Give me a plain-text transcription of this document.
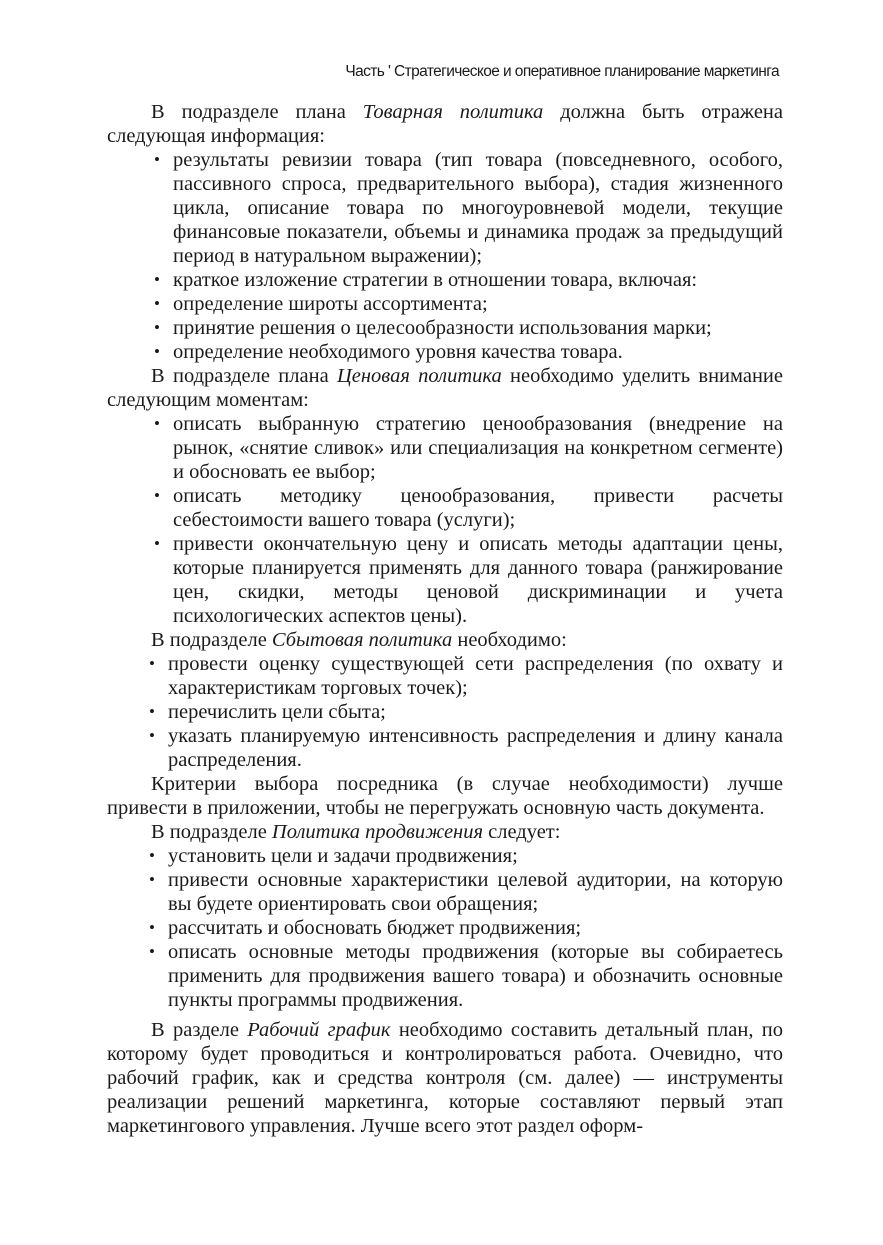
Часть ' Стратегическое и оперативное планирование маркетинга

В подразделе плана Товарная политика должна быть отражена следующая информация:

• результаты ревизии товара (тип товара (повседневного, особого, пассивного спроса, предварительного выбора), стадия жизненного цикла, описание товара по многоуровневой модели, текущие финансовые показатели, объемы и динамика продаж за предыдущий период в натуральном выражении);
• краткое изложение стратегии в отношении товара, включая:
• определение широты ассортимента;
• принятие решения о целесообразности использования марки;
• определение необходимого уровня качества товара.

В подразделе плана Ценовая политика необходимо уделить внимание следующим моментам:

• описать выбранную стратегию ценообразования (внедрение на рынок, «снятие сливок» или специализация на конкретном сегменте) и обосновать ее выбор;
• описать методику ценообразования, привести расчеты себестоимости вашего товара (услуги);
• привести окончательную цену и описать методы адаптации цены, которые планируется применять для данного товара (ранжирование цен, скидки, методы ценовой дискриминации и учета психологических аспектов цены).

В подразделе Сбытовая политика необходимо:

• провести оценку существующей сети распределения (по охвату и характеристикам торговых точек);
• перечислить цели сбыта;
• указать планируемую интенсивность распределения и длину канала распределения.

Критерии выбора посредника (в случае необходимости) лучше привести в приложении, чтобы не перегружать основную часть документа.

В подразделе Политика продвижения следует:

• установить цели и задачи продвижения;
• привести основные характеристики целевой аудитории, на которую вы будете ориентировать свои обращения;
• рассчитать и обосновать бюджет продвижения;
• описать основные методы продвижения (которые вы собираетесь применить для продвижения вашего товара) и обозначить основные пункты программы продвижения.

В разделе Рабочий график необходимо составить детальный план, по которому будет проводиться и контролироваться работа. Очевидно, что рабочий график, как и средства контроля (см. далее) — инструменты реализации решений маркетинга, которые составляют первый этап маркетингового управления. Лучше всего этот раздел оформ-
